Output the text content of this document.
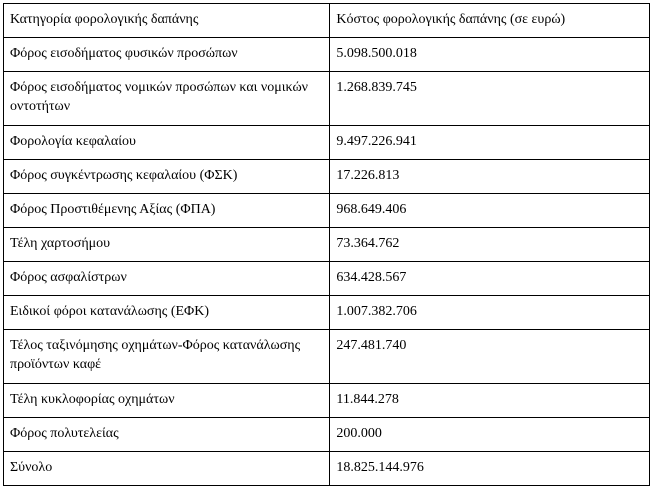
Κατηγορία φορολογικής δαπάνης	Κόστος φορολογικής δαπάνης (σε ευρώ)
Φόρος εισοδήματος φυσικών προσώπων	5.098.500.018
Φόρος εισοδήματος νομικών προσώπων και νομικών οντοτήτων	1.268.839.745
Φορολογία κεφαλαίου	9.497.226.941
Φόρος συγκέντρωσης κεφαλαίου (ΦΣΚ)	17.226.813
Φόρος Προστιθέμενης Αξίας (ΦΠΑ)	968.649.406
Τέλη χαρτοσήμου	73.364.762
Φόρος ασφαλίστρων	634.428.567
Ειδικοί φόροι κατανάλωσης (ΕΦΚ)	1.007.382.706
Τέλος ταξινόμησης οχημάτων-Φόρος κατανάλωσης προϊόντων καφέ	247.481.740
Τέλη κυκλοφορίας οχημάτων	11.844.278
Φόρος πολυτελείας	200.000
Σύνολο	18.825.144.976
